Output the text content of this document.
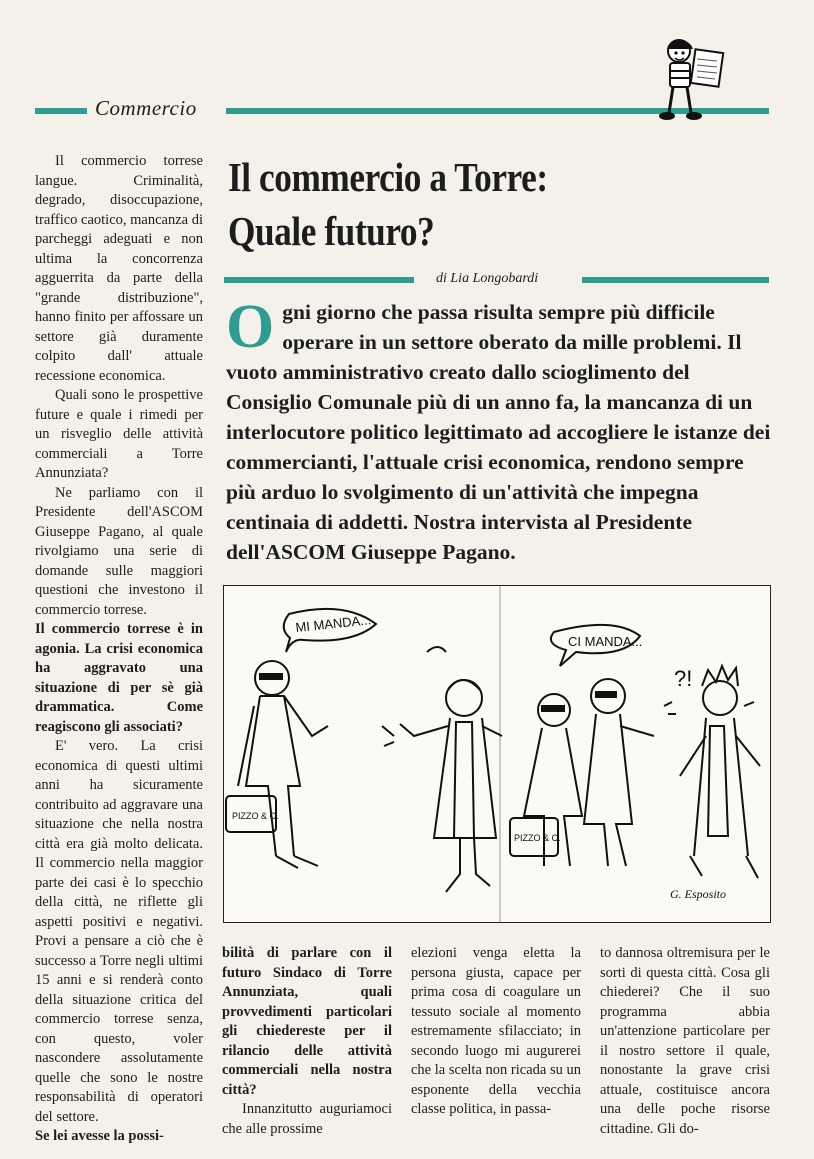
Commercio
Il commercio a Torre:
Quale futuro?
di Lia Longobardi

Ogni giorno che passa risulta sempre più difficile operare in un settore oberato da mille problemi. Il vuoto amministrativo creato dallo scioglimento del Consiglio Comunale più di un anno fa, la mancanza di un interlocutore politico legittimato ad accogliere le istanze dei commercianti, l'attuale crisi economica, rendono sempre più arduo lo svolgimento di un'attività che impegna centinaia di addetti. Nostra intervista al Presidente dell'ASCOM Giuseppe Pagano.

Il commercio torrese langue. Criminalità, degrado, disoccupazione, traffico caotico, mancanza di parcheggi adeguati e non ultima la concorrenza agguerrita da parte della "grande distribuzione", hanno finito per affossare un settore già duramente colpito dall' attuale recessione economica.

Quali sono le prospettive future e quale i rimedi per un risveglio delle attività commerciali a Torre Annunziata?

Ne parliamo con il Presidente dell'ASCOM Giuseppe Pagano, al quale rivolgiamo una serie di domande sulle maggiori questioni che investono il commercio torrese.

Il commercio torrese è in agonia. La crisi economica ha aggravato una situazione di per sè già drammatica. Come reagiscono gli associati?

E' vero. La crisi economica di questi ultimi anni ha sicuramente contribuito ad aggravare una situazione che nella nostra città era già molto delicata. Il commercio nella maggior parte dei casi è lo specchio della città, ne riflette gli aspetti positivi e negativi. Provi a pensare a ciò che è successo a Torre negli ultimi 15 anni e si renderà conto della situazione critica del commercio torrese senza, con questo, voler nascondere assolutamente quelle che sono le nostre responsabilità di operatori del settore.

Se lei avesse la possi-

MI MANDA...
CI MANDA...
?!
PIZZO & C.
PIZZO & C.
G. Esposito

bilità di parlare con il futuro Sindaco di Torre Annunziata, quali provvedimenti particolari gli chiedereste per il rilancio delle attività commerciali nella nostra città?

Innanzitutto auguriamoci che alle prossime

elezioni venga eletta la persona giusta, capace per prima cosa di coagulare un tessuto sociale al momento estremamente sfilacciato; in secondo luogo mi augurerei che la scelta non ricada su un esponente della vecchia classe politica, in passa-

to dannosa oltremisura per le sorti di questa città. Cosa gli chiederei? Che il suo programma abbia un'attenzione particolare per il nostro settore il quale, nonostante la grave crisi attuale, costituisce ancora una delle poche risorse cittadine. Gli do-
